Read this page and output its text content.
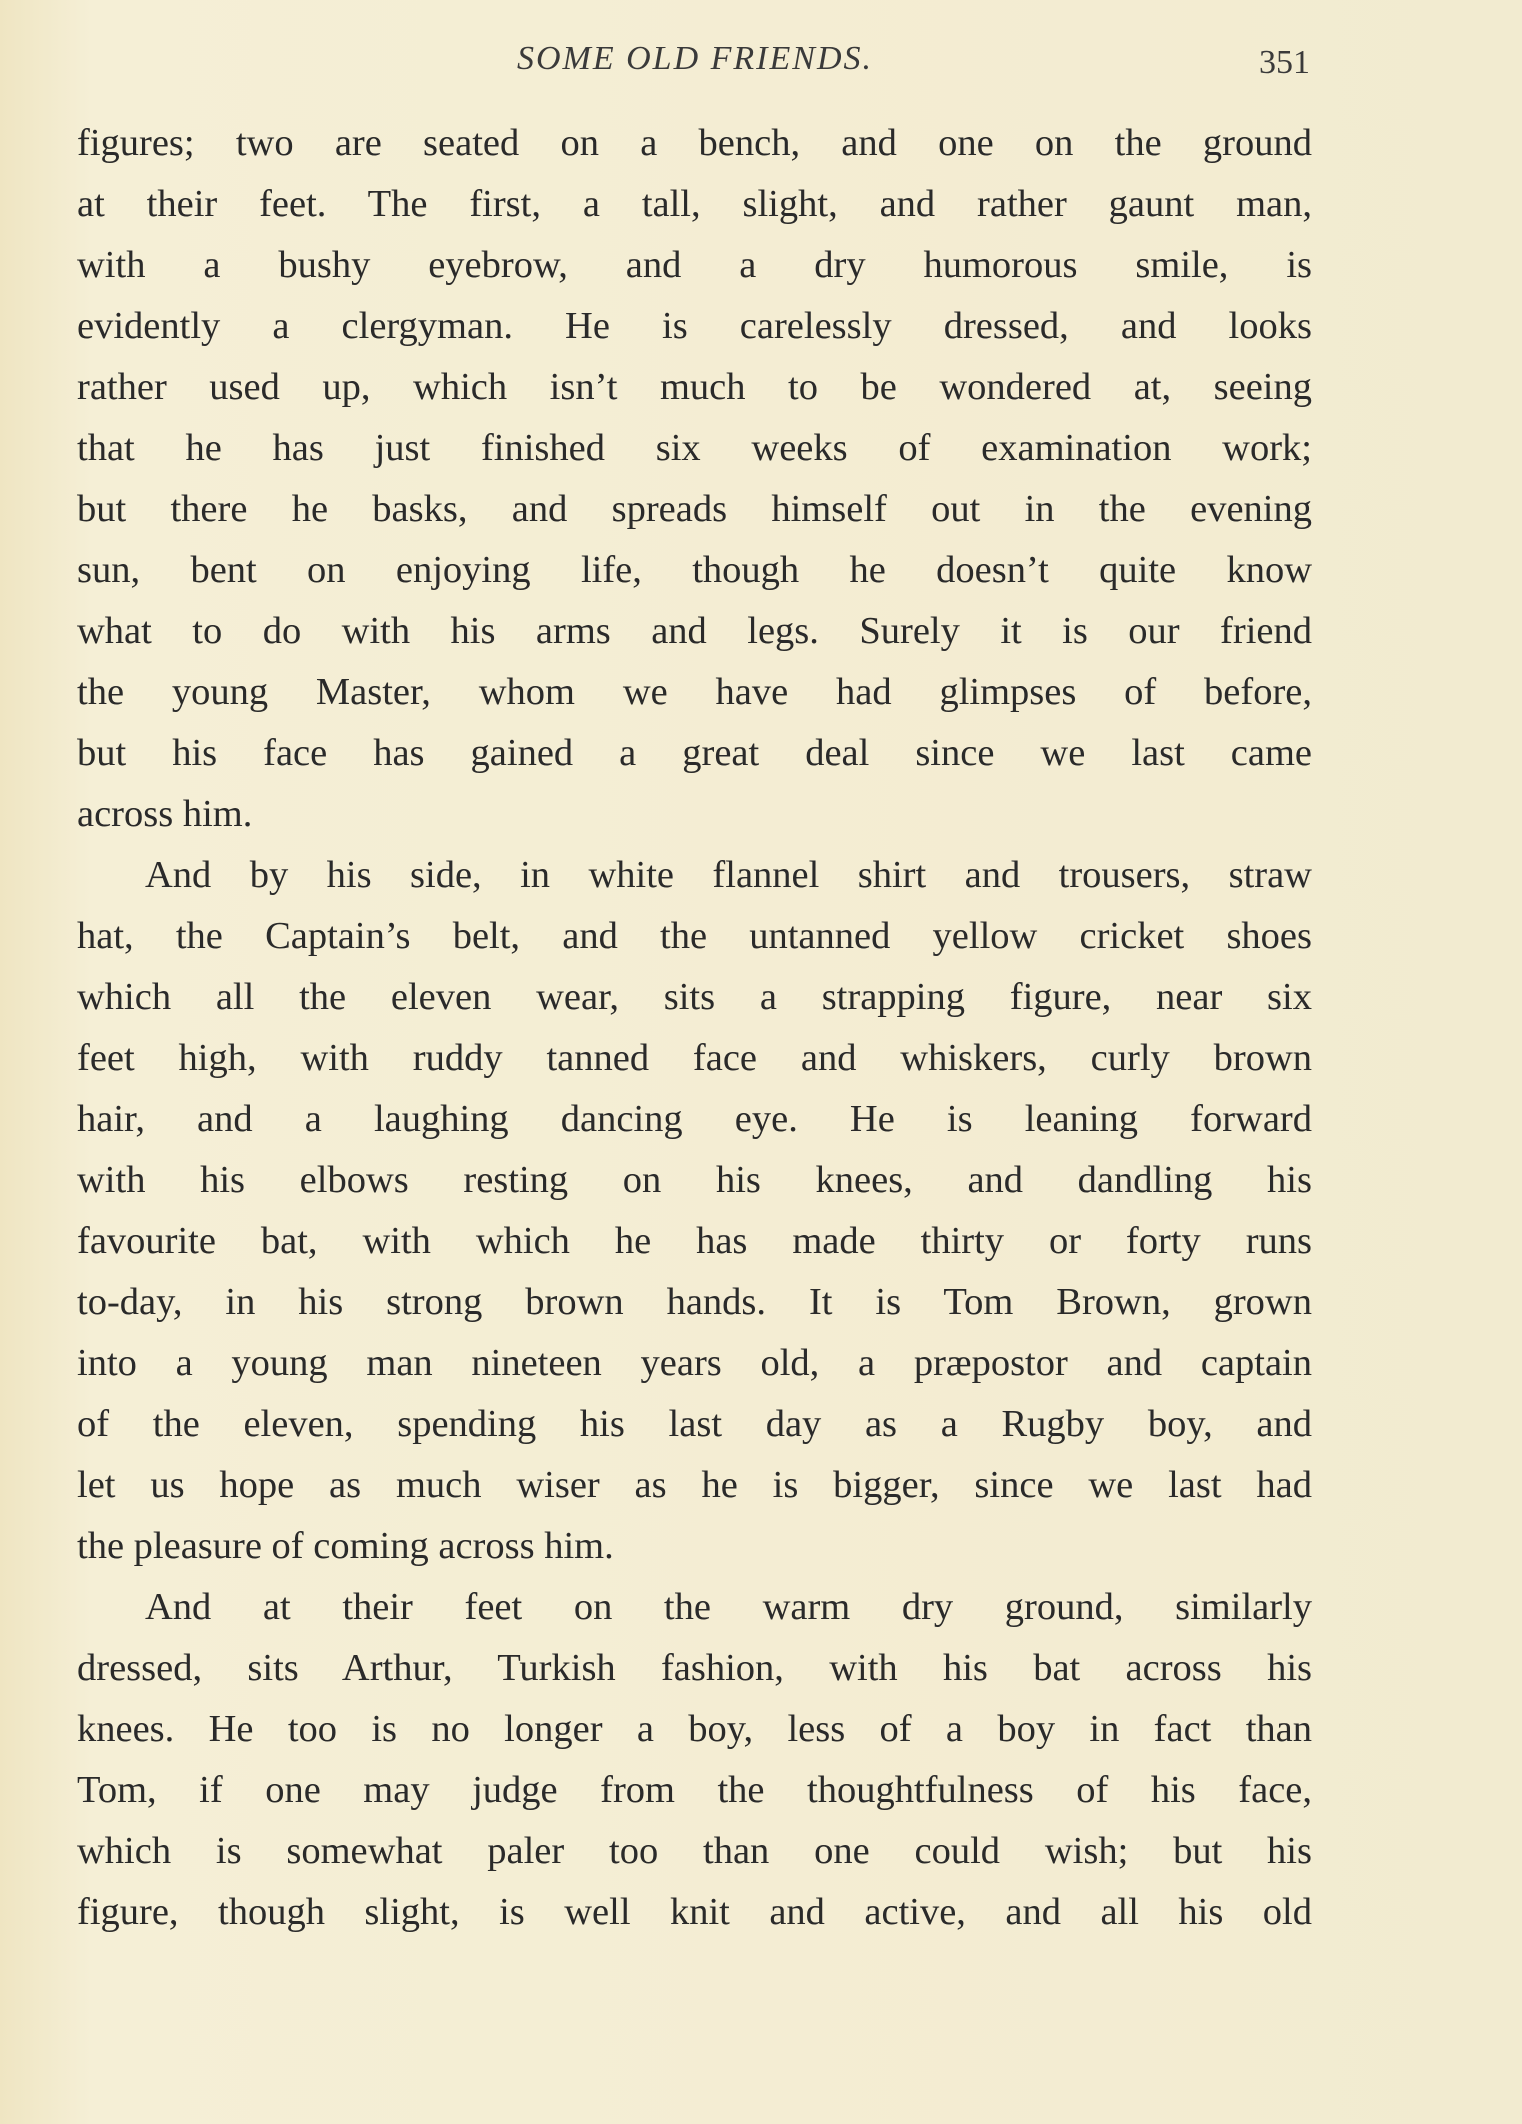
SOME OLD FRIENDS.	351
figures; two are seated on a bench, and one on the ground
at their feet. The first, a tall, slight, and rather gaunt man,
with a bushy eyebrow, and a dry humorous smile, is
evidently a clergyman. He is carelessly dressed, and looks
rather used up, which isn’t much to be wondered at, seeing
that he has just finished six weeks of examination work;
but there he basks, and spreads himself out in the evening
sun, bent on enjoying life, though he doesn’t quite know
what to do with his arms and legs. Surely it is our friend
the young Master, whom we have had glimpses of before,
but his face has gained a great deal since we last came
across him.
And by his side, in white flannel shirt and trousers, straw
hat, the Captain’s belt, and the untanned yellow cricket shoes
which all the eleven wear, sits a strapping figure, near six
feet high, with ruddy tanned face and whiskers, curly brown
hair, and a laughing dancing eye. He is leaning forward
with his elbows resting on his knees, and dandling his
favourite bat, with which he has made thirty or forty runs
to-day, in his strong brown hands. It is Tom Brown, grown
into a young man nineteen years old, a præpostor and captain
of the eleven, spending his last day as a Rugby boy, and
let us hope as much wiser as he is bigger, since we last had
the pleasure of coming across him.
And at their feet on the warm dry ground, similarly
dressed, sits Arthur, Turkish fashion, with his bat across his
knees. He too is no longer a boy, less of a boy in fact than
Tom, if one may judge from the thoughtfulness of his face,
which is somewhat paler too than one could wish; but his
figure, though slight, is well knit and active, and all his old
